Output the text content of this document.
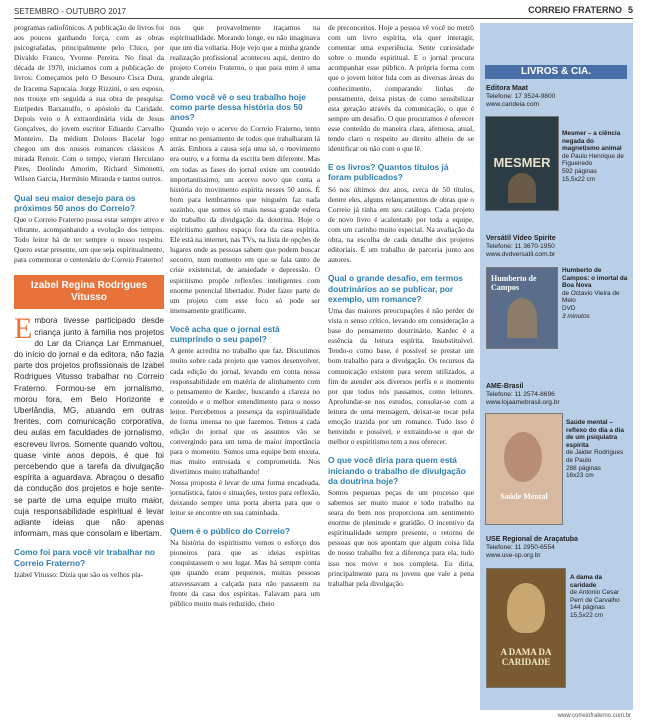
SETEMBRO - OUTUBRO 2017	CORREIO FRATERNO 5

programas radiofônicos. A publicação de livros foi aos poucos ganhando força, com as obras psicografadas, principalmente pelo Chico, por Divaldo Franco, Yvonne Pereira. No final da década de 1970, iniciamos com a publicação de livros: Começamos pelo O Besouro Cisca Dura, de Iracema Sapucaia. Jorge Rizzini, o seu esposo, nos trouxe em seguida a sua obra de pesquisa: Eurípedes Barsanulfo, o apóstolo da Caridade. Depois veio o A extraordinária vida de Jesus Gonçalves, do jovem escritor Eduardo Carvalho Monteiro. Da médium Dolores Bacelar logo chegou um dos nossos romances clássicos A mirada Renoir. Com o tempo, vieram Herculano Pires, Deolindo Amorim, Richard Simonetti, Wilson Garcia, Hermínio Miranda e tantos outros.

Qual seu maior desejo para os próximos 50 anos do Correio?

Que o Correio Fraterno possa estar sempre ativo e vibrante, acompanhando a evolução dos tempos. Todo leitor há de ter sempre o nosso respeito. Quero estar presente, um que seja espiritualmente, para comemorar o centenário do Correio Fraterno!

Izabel Regina Rodrigues Vitusso
Embora tivesse participado desde criança junto à família nos projetos do Lar da Criança Lar Emmanuel, do início do jornal e da editora, não fazia parte dos projetos profissionais de Izabel Rodrigues Vitusso trabalhar no Correio Fraterno. Formou-se em jornalismo, morou fora, em Belo Horizonte e Uberlândia, MG, atuando em outras frentes, com comunicação corporativa, deu aulas em faculdades de jornalismo, escreveu livros. Somente quando voltou, quase vinte anos depois, é que foi percebendo que a tarefa da divulgação espírita a aguardava. Abraçou o desafio da condução dos projetos e hoje sente-se parte de uma equipe muito maior, cuja responsabilidade espiritual é levar adiante ideias que não apenas informam, mas que consolam e libertam.
Como foi para você vir trabalhar no Correio Fraterno?

Izabel Vitusso: Dizia que são os velhos pla-

nos que provavelmente traçamos na espiritualidade. Morando longe, eu não imaginava que um dia voltaria. Hoje vejo que a minha grande realização profissional aconteceu aqui, dentro do projeto Correio Fraterno, o que para mim é uma grande alegria.

Como você vê o seu trabalho hoje como parte dessa história dos 50 anos?

Quando vejo o acervo do Correio Fraterno, tento entrar no pensamento de todos que trabalharam lá atrás. Embora a causa seja uma só, o movimento era outro, e a forma da escrita bem diferente. Mas em todas as fases do jornal existe um conteúdo importantíssimo, um acervo novo que conta a história do movimento espírita nesses 50 anos. É bom para lembrarmos que ninguém faz nada sozinho, que somos só mais nessa grande esfera do trabalho da divulgação da doutrina. Hoje o espiritismo ganhou espaço fora da casa espírita. Ele está na internet, nas TVs, na lista de opções de lugares onde as pessoas sabem que podem buscar socorro, num momento em que se fala tanto de crise existencial, de ansiedade e depressão. O espiritismo propõe reflexões inteligentes com enorme potencial libertador. Poder fazer parte de um projeto com esse foco só pode ser imensamente gratificante.

Você acha que o jornal está cumprindo o seu papel?

A gente acredita no trabalho que faz. Discutimos muito sobre cada projeto que vamos desenvolver, cada edição do jornal, levando em conta nossa responsabilidade em matéria de alinhamento com o pensamento de Kardec, buscando a clareza no conteúdo e o melhor entendimento para o nosso leitor. Percebemos a presença da espiritualidade de forma intensa no que fazemos. Temos a cada edição do jornal que os assuntos vão se convergindo para um tema de maior importância para o momento. Somos uma equipe bem enxuta, mas muito entrosada e comprometida. Nos divertimos muito trabalhando!

Nossa proposta é levar de uma forma encadeada, jornalística, fatos e situações, textos para reflexão, deixando sempre uma porta aberta para que o leitor se encontre em sua caminhada.

Quem é o público do Correio?

Na história do espiritismo vemos o esforço dos pioneiros para que as ideias espíritas conquistassem o seu lugar. Mas há sempre conta que quando eram pequenos, muitas pessoas atravessavam a calçada para não passarem na frente da casa dos espíritas. Falavam para um público muito mais reduzido, cheio

de preconceitos. Hoje a pessoa vê você no metrô com um livro espírita, ela quer interagir, comentar uma experiência. Sente curiosidade sobre o mundo espiritual. E o jornal procura acompanhar esse público. A própria forma com que o jovem leitor lida com as diversas áreas do conhecimento, comparando linhas de pensamento, deixa pistas de como sensibilizar esta geração através da comunicação, o que é sempre um desafio. O que procuramos é oferecer esse conteúdo de maneira clara, afetuosa, atual, tendo claro o respeito ao direito alheio de se identificar ou não com o que lê.

E os livros? Quantos títulos já foram publicados?

Só nos últimos dez anos, cerca de 50 títulos, dentre eles, alguns relançamentos de obras que o Correio já tinha em seu catálogo. Cada projeto de novo livro é acalentado por toda a equipe, com um carinho muito especial. Na avaliação da obra, na escolha de cada detalhe dos projetos editoriais. É um trabalho de parceria junto aos autores.

Qual o grande desafio, em termos doutrinários ao se publicar, por exemplo, um romance?

Uma das maiores preocupações é não perder de vista o senso crítico, levando em consideração a base do pensamento doutrinário. Kardec é a essência da leitura espírita. Insubstituível. Tendo-o como base, é possível se prestar um bom trabalho para a divulgação. Os recursos da comunicação existem para serem utilizados, a fim de atender aos diversos perfis e o momento por que todos nós passamos, como leitores. Aprofundar-se nos estudos, consolar-se com a leitura de uma mensagem, deixar-se tocar pela emoção trazida por um romance. Tudo isso é benvindo e possível, e extraindo-se o que de melhor o espiritismo tem a nos oferecer.

O que você diria para quem está iniciando o trabalho de divulgação da doutrina hoje?

Somos pequenas peças de um processo que sabemos ser muito maior e todo trabalho na seara do bem nos proporciona um sentimento enorme de plenitude e gratidão. O incentivo da espiritualidade sempre presente, o retorno de pessoas que nos apontam que algum coisa lida de nosso trabalho fez a diferença para ela, tudo isso nos move e nos completa. Eu diria, principalmente para os jovens que vale a pena trabalhar pela divulgação.

LIVROS & CIA.
Editora Maat
Telefone: 17 3524-9800
www.candeia.com
MESMER
Mesmer – a ciência negada do magnetismo animal
de Paulo Henrique de Figueiredo
592 páginas
15,5x22 cm
Versátil Vídeo Spirite
Telefone: 11 3670-1950
www.dvdversatil.com.br
Humberto de Campos
Humberto de Campos: o imortal da Boa Nova
de Octavio Vieira de Melo
DVD
3 minutos
AME-Brasil
Telefone: 11 2574-8696
www.lojaamebrasil.org.br
Saúde Mental
Saúde mental – reflexo do dia a dia de um psiquiatra espírita
de Jaider Rodrigues de Paulo
288 páginas
16x23 cm
USE Regional de Araçatuba
Telefone: 11 2950-6554
www.use-sp.org.br
A DAMA DA CARIDADE
A dama da caridade
de Antonio Cesar Perri de Carvalho
144 páginas
15,5x22 cm
www.correiofraterno.com.br
